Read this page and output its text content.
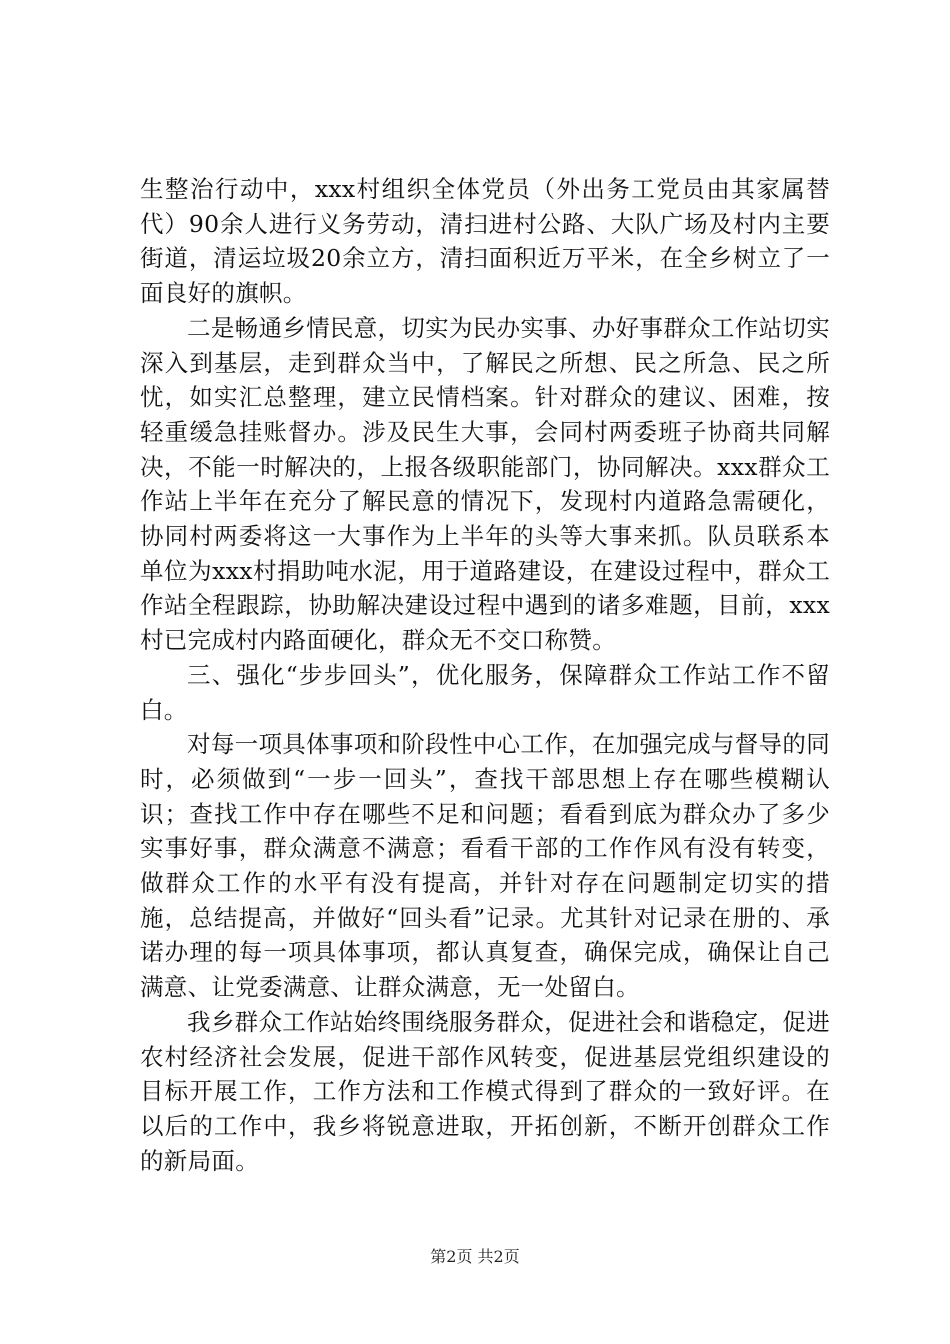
生整治行动中，xxx村组织全体党员（外出务工党员由其家属替代）90余人进行义务劳动，清扫进村公路、大队广场及村内主要街道，清运垃圾20余立方，清扫面积近万平米，在全乡树立了一面良好的旗帜。

二是畅通乡情民意，切实为民办实事、办好事群众工作站切实深入到基层，走到群众当中，了解民之所想、民之所急、民之所忧，如实汇总整理，建立民情档案。针对群众的建议、困难，按轻重缓急挂账督办。涉及民生大事，会同村两委班子协商共同解决，不能一时解决的，上报各级职能部门，协同解决。xxx群众工作站上半年在充分了解民意的情况下，发现村内道路急需硬化，协同村两委将这一大事作为上半年的头等大事来抓。队员联系本单位为xxx村捐助吨水泥，用于道路建设，在建设过程中，群众工作站全程跟踪，协助解决建设过程中遇到的诸多难题，目前，xxx村已完成村内路面硬化，群众无不交口称赞。

三、强化“步步回头”，优化服务，保障群众工作站工作不留白。

对每一项具体事项和阶段性中心工作，在加强完成与督导的同时，必须做到“一步一回头”，查找干部思想上存在哪些模糊认识；查找工作中存在哪些不足和问题；看看到底为群众办了多少实事好事，群众满意不满意；看看干部的工作作风有没有转变，做群众工作的水平有没有提高，并针对存在问题制定切实的措施，总结提高，并做好“回头看”记录。尤其针对记录在册的、承诺办理的每一项具体事项，都认真复查，确保完成，确保让自己满意、让党委满意、让群众满意，无一处留白。

我乡群众工作站始终围绕服务群众，促进社会和谐稳定，促进农村经济社会发展，促进干部作风转变，促进基层党组织建设的目标开展工作，工作方法和工作模式得到了群众的一致好评。在以后的工作中，我乡将锐意进取，开拓创新，不断开创群众工作的新局面。

第2页 共2页
